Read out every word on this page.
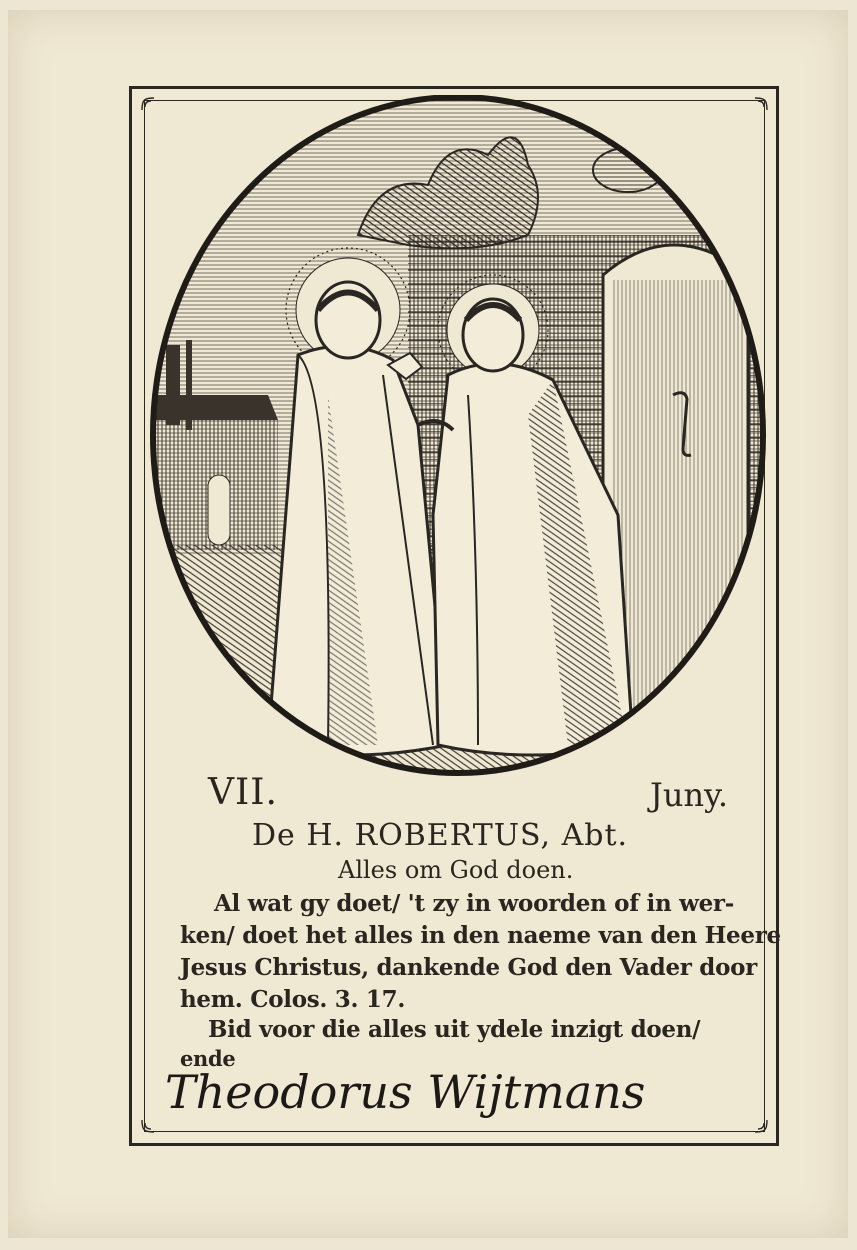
VII.	Juny.
De H. ROBERTUS, Abt.
Alles om God doen.
Al wat gy doet/ 't zy in woorden of in wer-
ken/ doet het alles in den naeme van den Heere
Jesus Christus, dankende God den Vader door
hem. Colos. 3. 17.
Bid voor die alles uit ydele inzigt doen/
ende
Theodorus Wijtmans
